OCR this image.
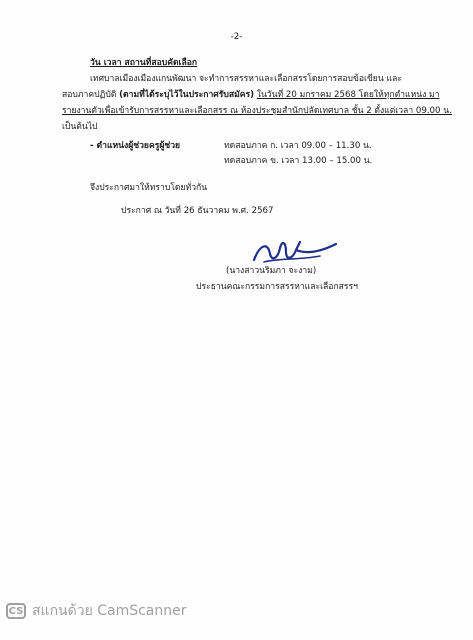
-2-
วัน เวลา สถานที่สอบคัดเลือก
เทศบาลเมืองเมืองแกนพัฒนา จะทำการสรรหาและเลือกสรรโดยการสอบข้อเขียน และ
สอบภาคปฏิบัติ (ตามที่ได้ระบุไว้ในประกาศรับสมัคร) ในวันที่ 20 มกราคม 2568 โดยให้ทุกตำแหน่ง มา
รายงานตัวเพื่อเข้ารับการสรรหาและเลือกสรร ณ ห้องประชุมสำนักปลัดเทศบาล ชั้น 2 ตั้งแต่เวลา 09.00 น.
เป็นต้นไป
- ตำแหน่งผู้ช่วยครูผู้ช่วย	ทดสอบภาค ก. เวลา 09.00 – 11.30 น.
ทดสอบภาค ข. เวลา 13.00 – 15.00 น.
จึงประกาศมาให้ทราบโดยทั่วกัน
ประกาศ ณ วันที่ 26 ธันวาคม พ.ศ. 2567
(นางสาวนริมภา จะงาม)
ประธานคณะกรรมการสรรหาและเลือกสรรฯ
CS สแกนด้วย CamScanner
